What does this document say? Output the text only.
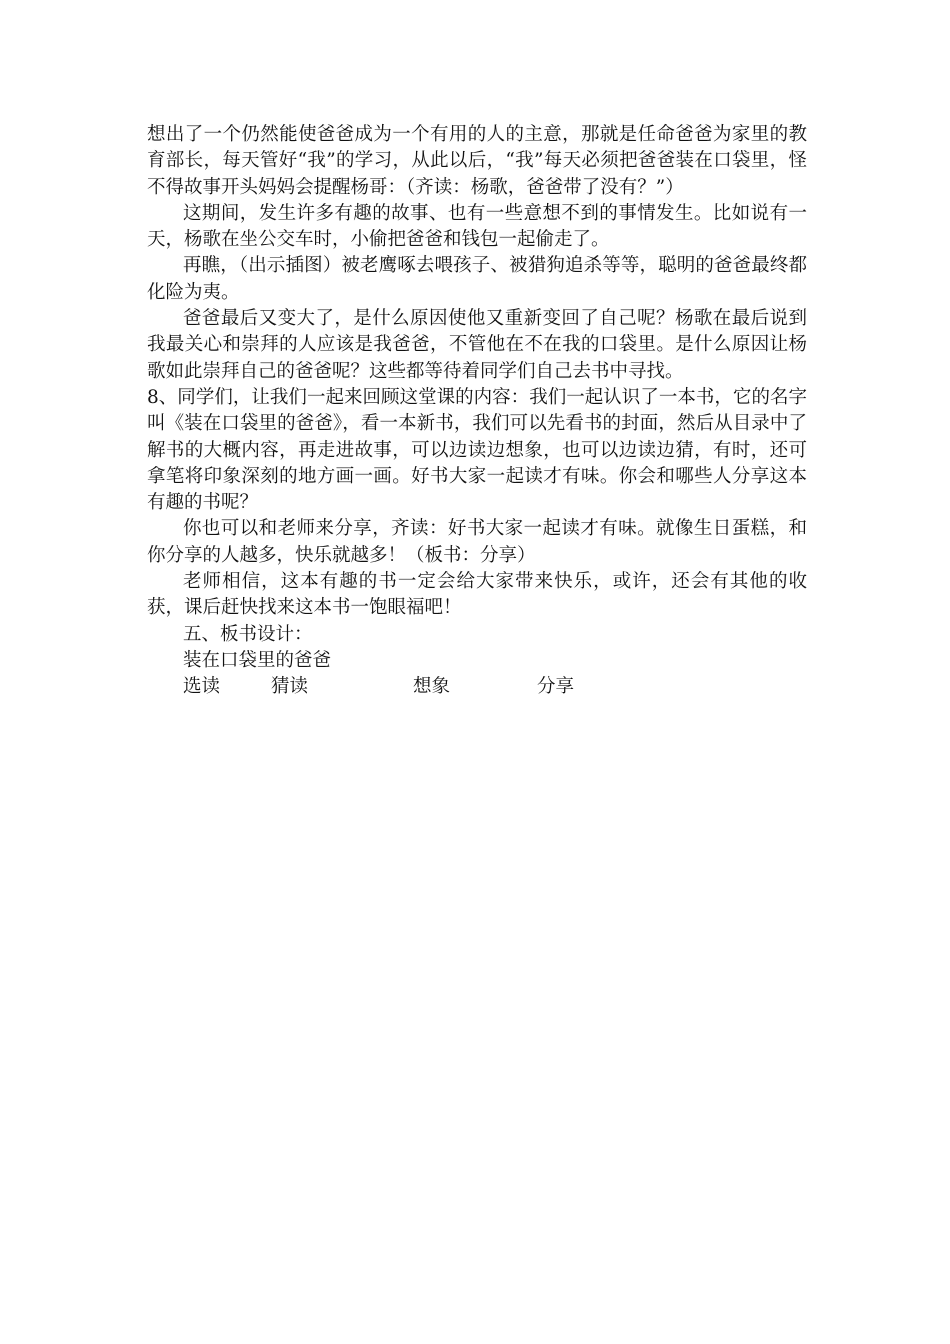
想出了一个仍然能使爸爸成为一个有用的人的主意，那就是任命爸爸为家里的教育部长，每天管好“我”的学习，从此以后，“我”每天必须把爸爸装在口袋里，怪不得故事开头妈妈会提醒杨哥：（齐读：杨歌，爸爸带了没有？”）

这期间，发生许多有趣的故事、也有一些意想不到的事情发生。比如说有一天，杨歌在坐公交车时，小偷把爸爸和钱包一起偷走了。

再瞧，（出示插图）被老鹰啄去喂孩子、被猎狗追杀等等，聪明的爸爸最终都化险为夷。

爸爸最后又变大了，是什么原因使他又重新变回了自己呢？杨歌在最后说到我最关心和崇拜的人应该是我爸爸，不管他在不在我的口袋里。是什么原因让杨歌如此崇拜自己的爸爸呢？这些都等待着同学们自己去书中寻找。

8、同学们，让我们一起来回顾这堂课的内容：我们一起认识了一本书，它的名字叫《装在口袋里的爸爸》，看一本新书，我们可以先看书的封面，然后从目录中了解书的大概内容，再走进故事，可以边读边想象，也可以边读边猜，有时，还可拿笔将印象深刻的地方画一画。好书大家一起读才有味。你会和哪些人分享这本有趣的书呢？

你也可以和老师来分享，齐读：好书大家一起读才有味。就像生日蛋糕，和你分享的人越多，快乐就越多！（板书：分享）

老师相信，这本有趣的书一定会给大家带来快乐，或许，还会有其他的收获，课后赶快找来这本书一饱眼福吧！

五、板书设计：

装在口袋里的爸爸

选读	猜读	想象	分享
